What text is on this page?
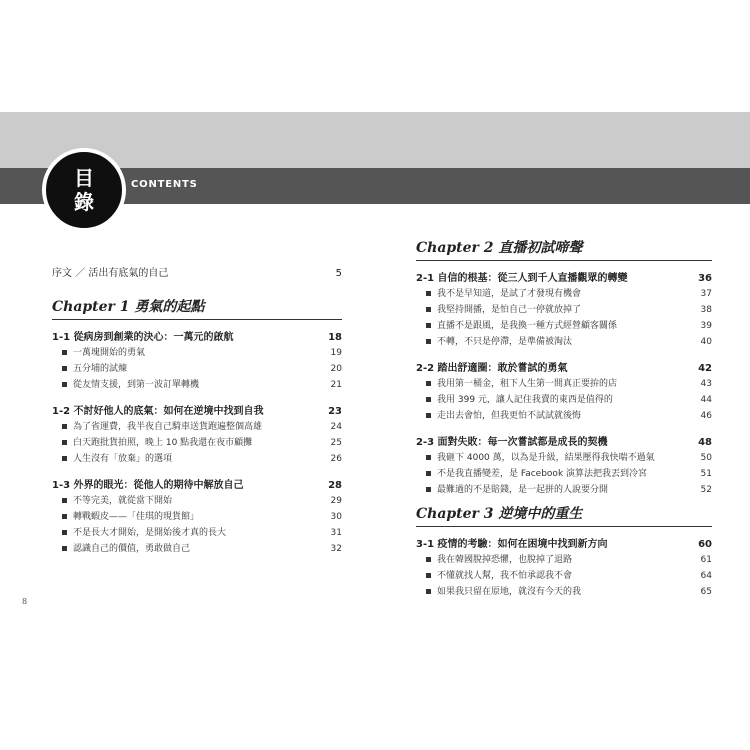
目
錄
CONTENTS
序文 ／ 活出有底氣的自己	5
Chapter 1 勇氣的起點
1-1 從病房到創業的決心：一萬元的啟航	18
一萬塊開始的勇氣	19
五分埔的試煉	20
從友情支援，到第一波訂單轉機	21
1-2 不討好他人的底氣：如何在逆境中找到自我	23
為了省運費，我半夜自己騎車送貨跑遍整個高雄	24
白天跑批貨拍照，晚上 10 點我還在夜市顧攤	25
人生沒有「放棄」的選項	26
1-3 外界的眼光：從他人的期待中解放自己	28
不等完美，就從當下開始	29
轉戰蝦皮——「佳琪的現貨館」	30
不是長大才開始，是開始後才真的長大	31
認識自己的價值，勇敢做自己	32
Chapter 2 直播初試啼聲
2-1 自信的根基：從三人到千人直播觀眾的轉變	36
我不是早知道，是試了才發現有機會	37
我堅持開播，是怕自己一停就放掉了	38
直播不是跟風，是我換一種方式經營顧客關係	39
不轉，不只是停滯，是準備被淘汰	40
2-2 踏出舒適圈：敢於嘗試的勇氣	42
我用第一桶金，租下人生第一間真正要拚的店	43
我用 399 元，讓人記住我賣的東西是值得的	44
走出去會怕，但我更怕不試試就後悔	46
2-3 面對失敗：每一次嘗試都是成長的契機	48
我砸下 4000 萬，以為是升級，結果壓得我快喘不過氣	50
不是我直播變差，是 Facebook 演算法把我丟到冷宮	51
最難過的不是賠錢，是一起拼的人說要分開	52
Chapter 3 逆境中的重生
3-1 疫情的考驗：如何在困境中找到新方向	60
我在韓國脫掉恐懼，也脫掉了退路	61
不懂就找人幫，我不怕承認我不會	64
如果我只留在原地，就沒有今天的我	65
8
